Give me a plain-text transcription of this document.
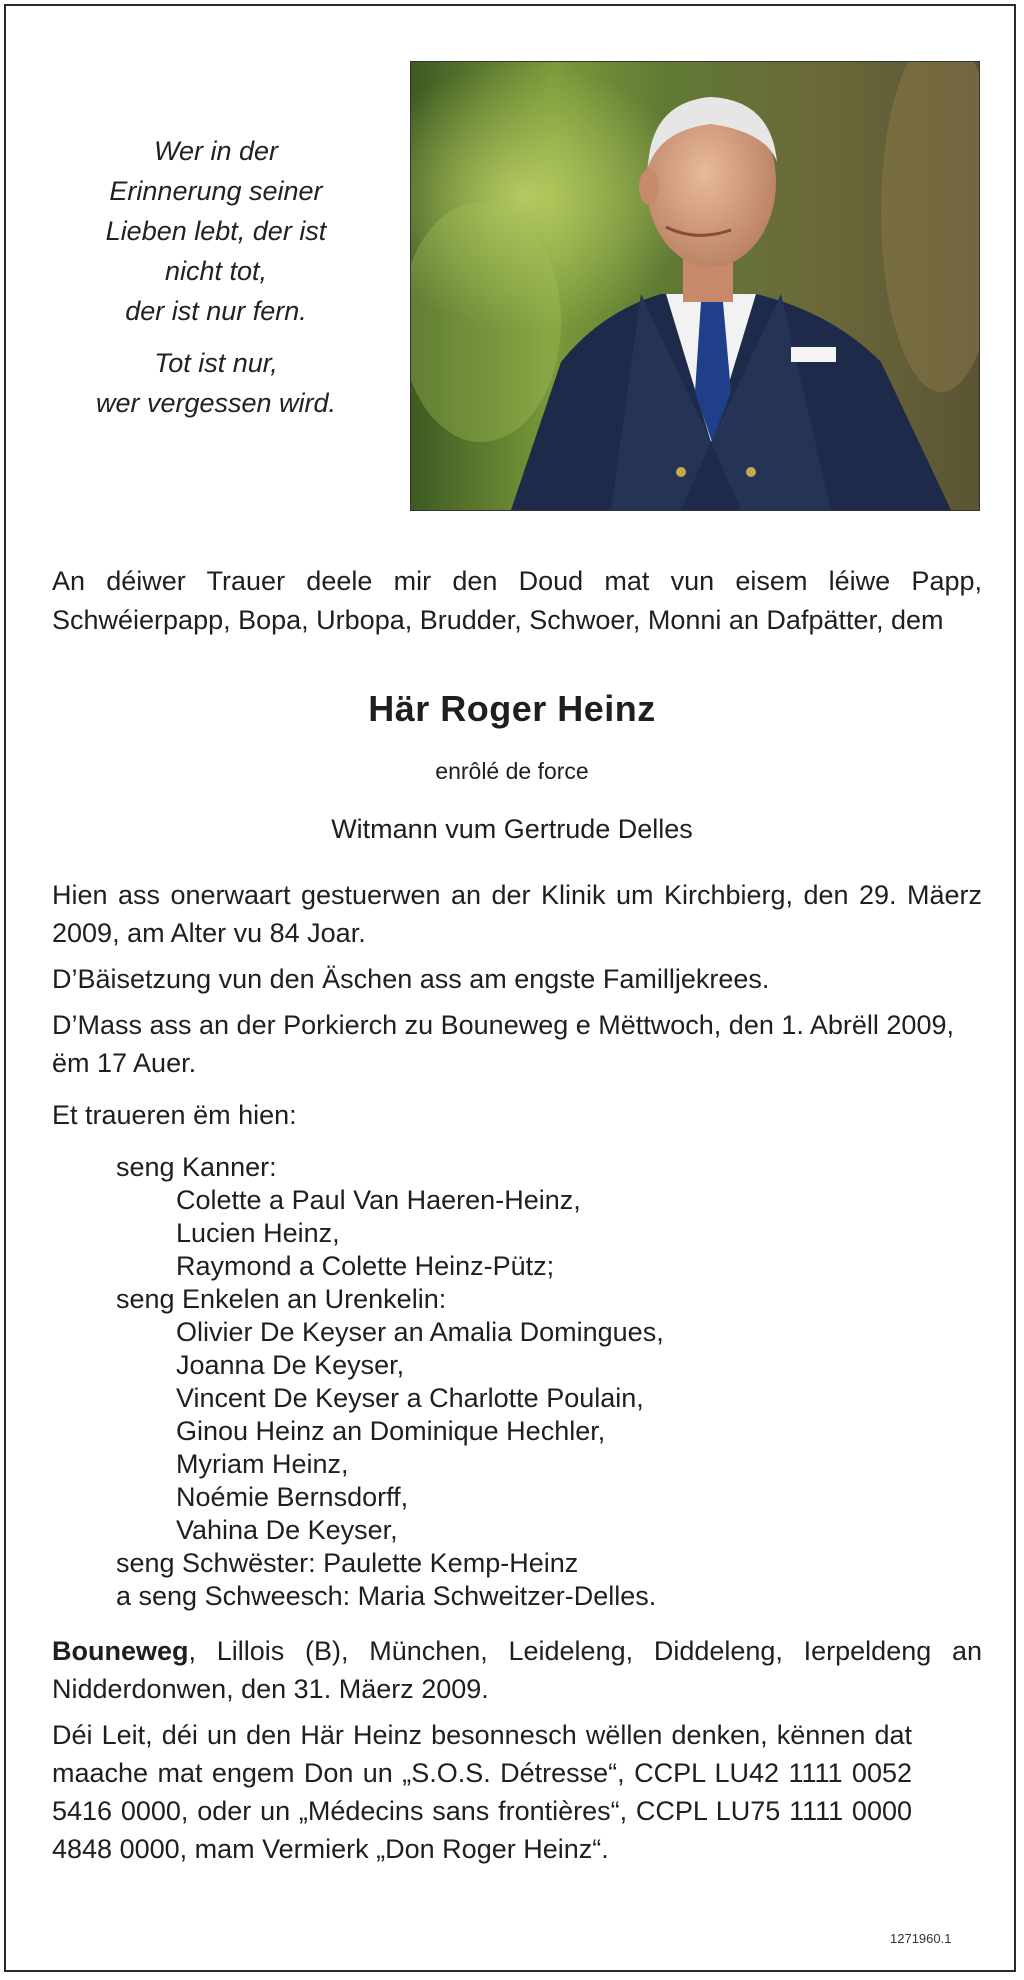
Wer in der
Erinnerung seiner
Lieben lebt, der ist
nicht tot,
der ist nur fern.
Tot ist nur,
wer vergessen wird.
An déiwer Trauer deele mir den Doud mat vun eisem léiwe Papp, Schwéierpapp, Bopa, Urbopa, Brudder, Schwoer, Monni an Dafpätter, dem
Här Roger Heinz
enrôlé de force
Witmann vum Gertrude Delles
Hien ass onerwaart gestuerwen an der Klinik um Kirchbierg, den 29. Mäerz 2009, am Alter vu 84 Joar.
D’Bäisetzung vun den Äschen ass am engste Familljekrees.
D’Mass ass an der Porkierch zu Bouneweg e Mëttwoch, den 1. Abrëll 2009, ëm 17 Auer.
Et traueren ëm hien:
seng Kanner:
Colette a Paul Van Haeren-Heinz,
Lucien Heinz,
Raymond a Colette Heinz-Pütz;
seng Enkelen an Urenkelin:
Olivier De Keyser an Amalia Domingues,
Joanna De Keyser,
Vincent De Keyser a Charlotte Poulain,
Ginou Heinz an Dominique Hechler,
Myriam Heinz,
Noémie Bernsdorff,
Vahina De Keyser,
seng Schwëster: Paulette Kemp-Heinz
a seng Schweesch: Maria Schweitzer-Delles.
Bouneweg, Lillois (B), München, Leideleng, Diddeleng, Ierpeldeng an Nidderdonwen, den 31. Mäerz 2009.
Déi Leit, déi un den Här Heinz besonnesch wëllen denken, kënnen dat maache mat engem Don un „S.O.S. Détresse“, CCPL LU42 1111 0052 5416 0000, oder un „Médecins sans frontières“, CCPL LU75 1111 0000 4848 0000, mam Vermierk „Don Roger Heinz“.
1271960.1
